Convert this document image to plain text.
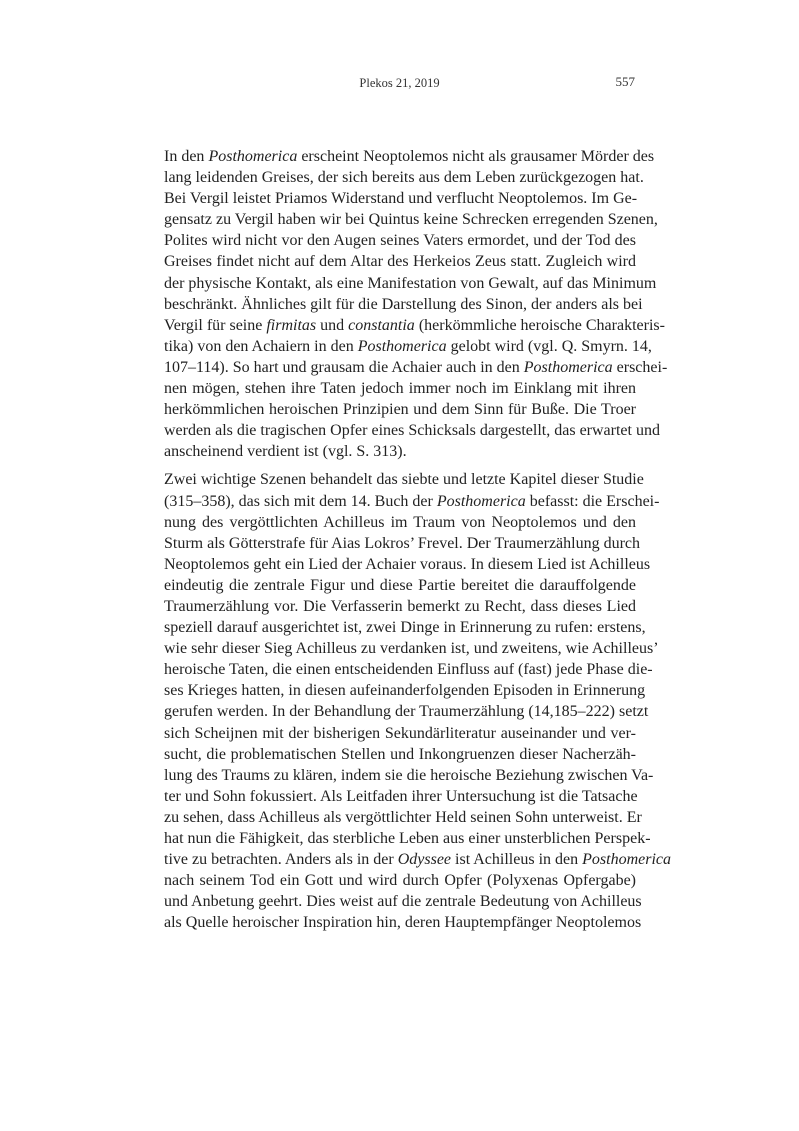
Plekos 21, 2019	557

In den Posthomerica erscheint Neoptolemos nicht als grausamer Mörder des
lang leidenden Greises, der sich bereits aus dem Leben zurückgezogen hat.
Bei Vergil leistet Priamos Widerstand und verflucht Neoptolemos. Im Ge-
gensatz zu Vergil haben wir bei Quintus keine Schrecken erregenden Szenen,
Polites wird nicht vor den Augen seines Vaters ermordet, und der Tod des
Greises findet nicht auf dem Altar des Herkeios Zeus statt. Zugleich wird
der physische Kontakt, als eine Manifestation von Gewalt, auf das Minimum
beschränkt. Ähnliches gilt für die Darstellung des Sinon, der anders als bei
Vergil für seine firmitas und constantia (herkömmliche heroische Charakteris-
tika) von den Achaiern in den Posthomerica gelobt wird (vgl. Q. Smyrn. 14,
107–114). So hart und grausam die Achaier auch in den Posthomerica erschei-
nen mögen, stehen ihre Taten jedoch immer noch im Einklang mit ihren
herkömmlichen heroischen Prinzipien und dem Sinn für Buße. Die Troer
werden als die tragischen Opfer eines Schicksals dargestellt, das erwartet und
anscheinend verdient ist (vgl. S. 313).

Zwei wichtige Szenen behandelt das siebte und letzte Kapitel dieser Studie
(315–358), das sich mit dem 14. Buch der Posthomerica befasst: die Erschei-
nung des vergöttlichten Achilleus im Traum von Neoptolemos und den
Sturm als Götterstrafe für Aias Lokros’ Frevel. Der Traumerzählung durch
Neoptolemos geht ein Lied der Achaier voraus. In diesem Lied ist Achilleus
eindeutig die zentrale Figur und diese Partie bereitet die darauffolgende
Traumerzählung vor. Die Verfasserin bemerkt zu Recht, dass dieses Lied
speziell darauf ausgerichtet ist, zwei Dinge in Erinnerung zu rufen: erstens,
wie sehr dieser Sieg Achilleus zu verdanken ist, und zweitens, wie Achilleus’
heroische Taten, die einen entscheidenden Einfluss auf (fast) jede Phase die-
ses Krieges hatten, in diesen aufeinanderfolgenden Episoden in Erinnerung
gerufen werden. In der Behandlung der Traumerzählung (14,185–222) setzt
sich Scheijnen mit der bisherigen Sekundärliteratur auseinander und ver-
sucht, die problematischen Stellen und Inkongruenzen dieser Nacherzäh-
lung des Traums zu klären, indem sie die heroische Beziehung zwischen Va-
ter und Sohn fokussiert. Als Leitfaden ihrer Untersuchung ist die Tatsache
zu sehen, dass Achilleus als vergöttlichter Held seinen Sohn unterweist. Er
hat nun die Fähigkeit, das sterbliche Leben aus einer unsterblichen Perspek-
tive zu betrachten. Anders als in der Odyssee ist Achilleus in den Posthomerica
nach seinem Tod ein Gott und wird durch Opfer (Polyxenas Opfergabe)
und Anbetung geehrt. Dies weist auf die zentrale Bedeutung von Achilleus
als Quelle heroischer Inspiration hin, deren Hauptempfänger Neoptolemos
